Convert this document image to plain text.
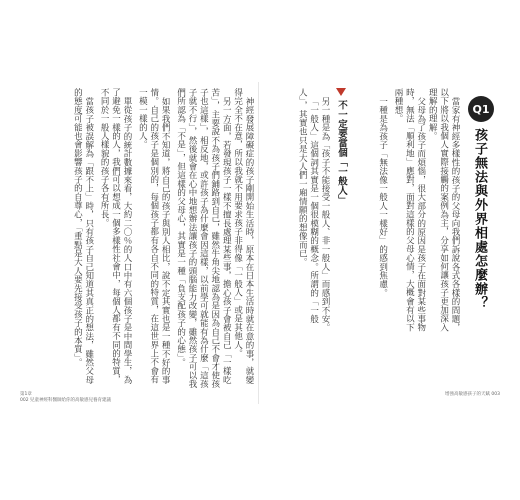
神經發展障礙症的孩子剛開始生活時，原本在日本生活時就在意的事，就變得完全不在意，所以我就不用要求孩子非得像「一般人」或是其他人。

另一方面，若發現孩子一樣不擅長處理某些事，擔心孩子會被自己「一樣吃苦」，主要說不為孩子們鋪路到自己，雖然牛角尖地認為是因為自己不會才使孩子也這樣」，相反地，或許孩子為什麼會因這樣，以前學可就能有為什麼「這孩子就不行」，然後就會在心中地想辦法讓孩子的頭腦能力改變，雖然孩子可以我們所認為「不是」，但這樣的父母心，其實是一種「負支配孩子的心態」。

如果我們不知道，將自己的孩子與別人相比，說不定其實也是一種不好的事情。自己的孩子是個別的，每個孩子都有各自不同的特質，在這世界上不會有一模一樣的人。

單從孩子的統計數據來看，大約二〇％的人口中有六個孩子是中間學生，為了避免一樣的人，我們可以想成一個多樣性社會中，每個人都有不同的特質，不同於一般人樣貌的孩子各有所長。

當孩子被誤解為「跟不上」時，只有孩子自己知道其真正的想法，雖然父母的態度可能也會影響孩子的自尊心，「重點是大人要先接受孩子的本質」。	Q1
孩子無法與外界相處怎麼辦？

當家有神經多樣性的孩子的父母向我們訴說各式各樣的問題，以下將以我個人實際接觸的案例為主，分享如何讓孩子更加深入理解的理解。

父母為了孩子而煩惱，很大部分的原因是孩子在面對某些事物時，無法「順利地」應對，面對這樣的父母心情，大概會有以下兩種想。

一種是為孩子「無法像一般人一樣好」的感到焦慮。

不一定要當個「一般人」

另一種是為「孩子不能接受一般人、非一般人」而感到不安。

「一般人」這個詞其實是一個很模糊的概念。所謂的「一般人」，其實也只是大人們一廂情願的想像而已。

第1章
002 兒童神經科醫師給你的高敏感兒養育建議
增強高敏感孩子的天賦 003
